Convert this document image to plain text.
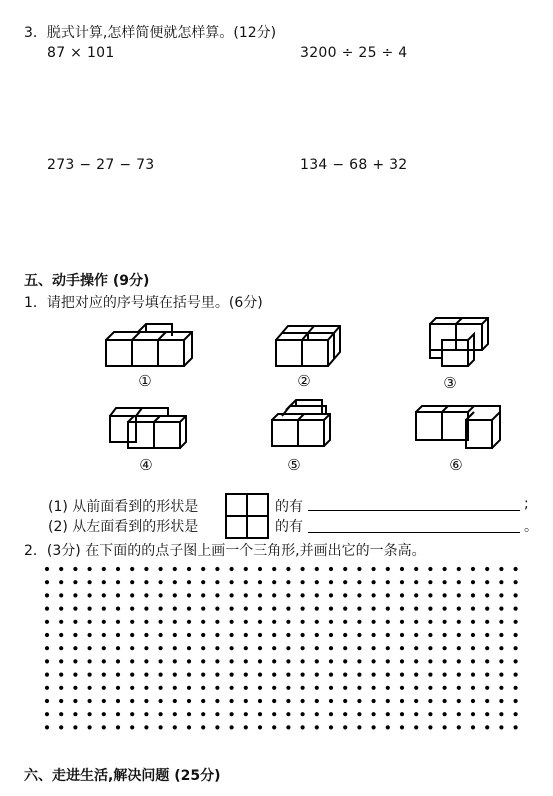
3．脱式计算,怎样简便就怎样算。(12分)
87 × 101	3200 ÷ 25 ÷ 4
273 − 27 − 73	134 − 68 + 32
五、动手操作 (9分)
1．请把对应的序号填在括号里。(6分)
①	②	③
④	⑤	⑥
(1) 从前面看到的形状是	的有	;
(2) 从左面看到的形状是	的有	。
2．(3分) 在下面的的点子图上画一个三角形,并画出它的一条高。
六、走进生活,解决问题 (25分)
